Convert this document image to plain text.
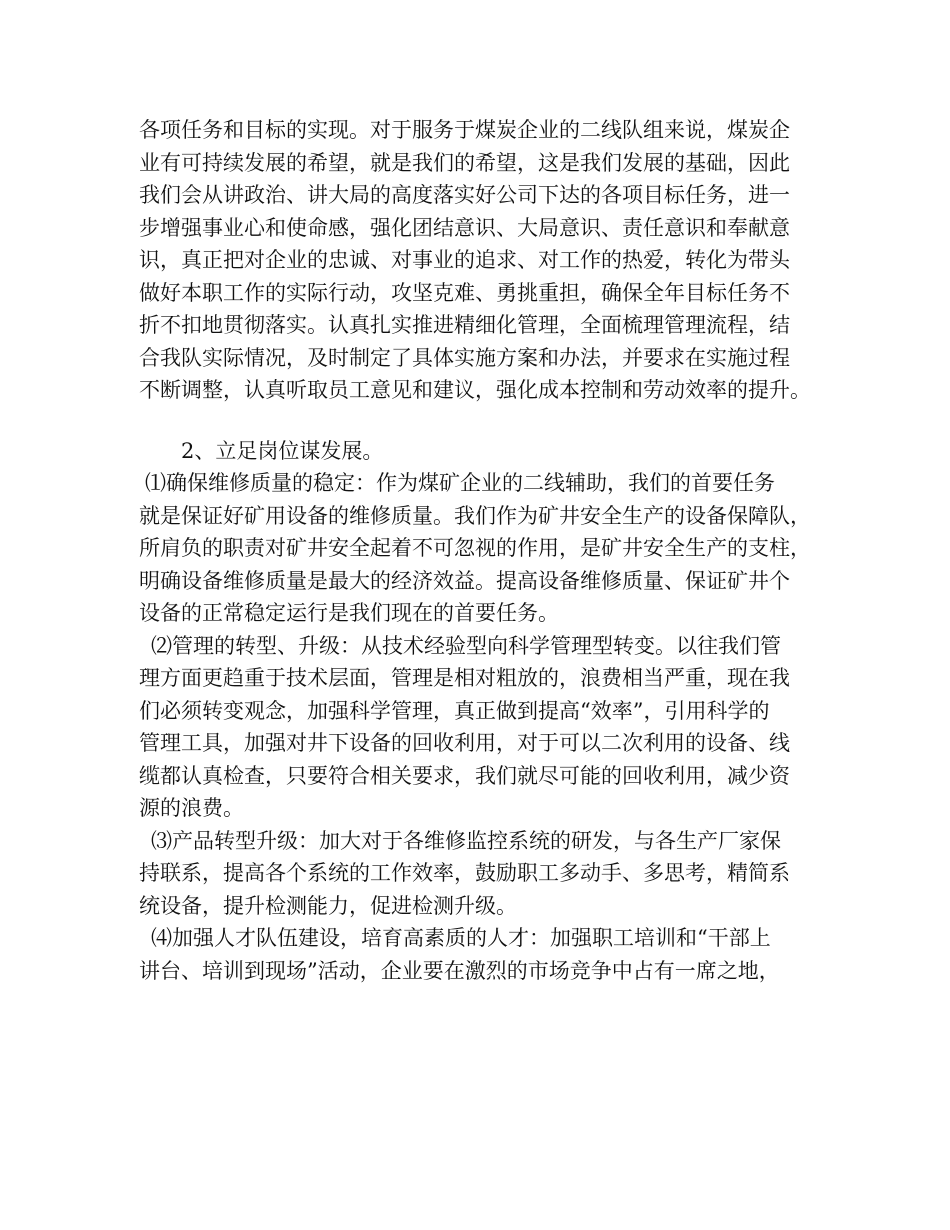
各项任务和目标的实现。对于服务于煤炭企业的二线队组来说，煤炭企
业有可持续发展的希望，就是我们的希望，这是我们发展的基础，因此
我们会从讲政治、讲大局的高度落实好公司下达的各项目标任务，进一
步增强事业心和使命感，强化团结意识、大局意识、责任意识和奉献意
识，真正把对企业的忠诚、对事业的追求、对工作的热爱，转化为带头
做好本职工作的实际行动，攻坚克难、勇挑重担，确保全年目标任务不
折不扣地贯彻落实。认真扎实推进精细化管理，全面梳理管理流程，结
合我队实际情况，及时制定了具体实施方案和办法，并要求在实施过程
不断调整，认真听取员工意见和建议，强化成本控制和劳动效率的提升。
2、立足岗位谋发展。
⑴确保维修质量的稳定：作为煤矿企业的二线辅助，我们的首要任务
就是保证好矿用设备的维修质量。我们作为矿井安全生产的设备保障队，
所肩负的职责对矿井安全起着不可忽视的作用，是矿井安全生产的支柱，
明确设备维修质量是最大的经济效益。提高设备维修质量、保证矿井个
设备的正常稳定运行是我们现在的首要任务。
⑵管理的转型、升级：从技术经验型向科学管理型转变。以往我们管
理方面更趋重于技术层面，管理是相对粗放的，浪费相当严重，现在我
们必须转变观念，加强科学管理，真正做到提高“效率”，引用科学的
管理工具，加强对井下设备的回收利用，对于可以二次利用的设备、线
缆都认真检查，只要符合相关要求，我们就尽可能的回收利用，减少资
源的浪费。
⑶产品转型升级：加大对于各维修监控系统的研发，与各生产厂家保
持联系，提高各个系统的工作效率，鼓励职工多动手、多思考，精简系
统设备，提升检测能力，促进检测升级。
⑷加强人才队伍建设，培育高素质的人才：加强职工培训和“干部上
讲台、培训到现场”活动，企业要在激烈的市场竞争中占有一席之地，
